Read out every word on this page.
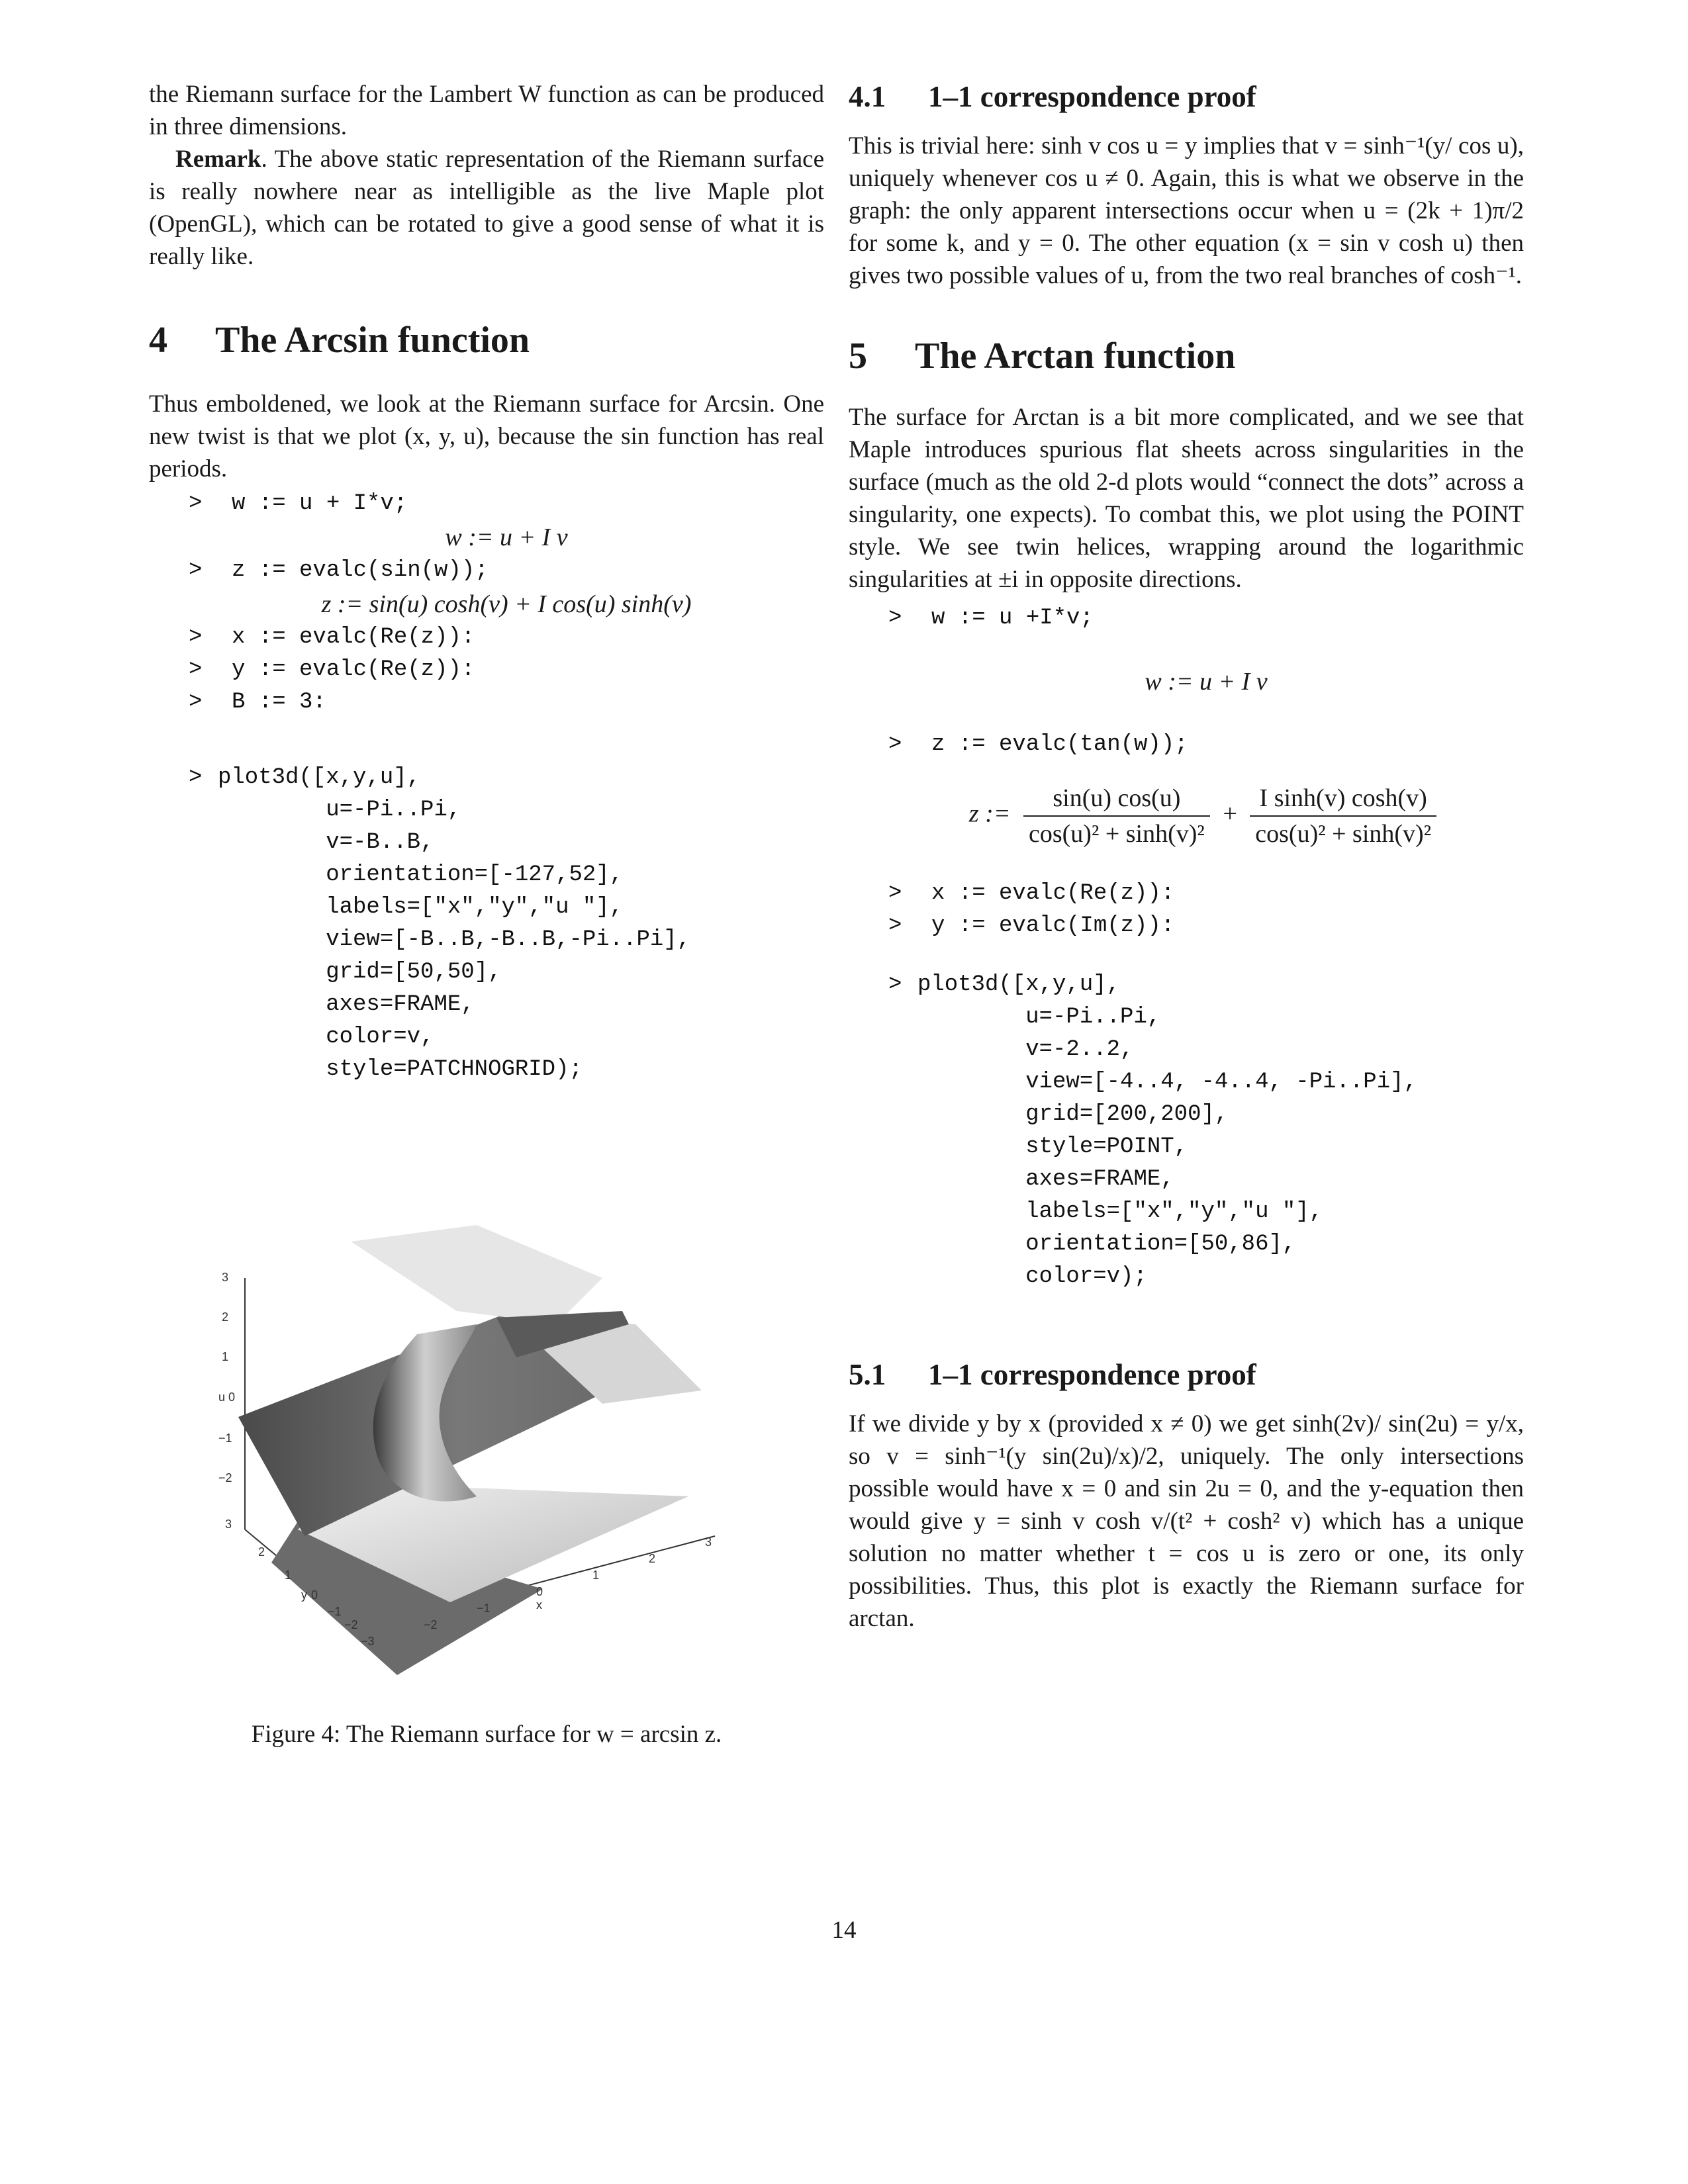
the Riemann surface for the Lambert W function as can be produced in three dimensions.

Remark. The above static representation of the Riemann surface is really nowhere near as intelligible as the live Maple plot (OpenGL), which can be rotated to give a good sense of what it is really like.

4 The Arcsin function

Thus emboldened, we look at the Riemann surface for Arcsin. One new twist is that we plot (x, y, u), because the sin function has real periods.

> w := u + I*v;
w := u + I v
> z := evalc(sin(w));
z := sin(u) cosh(v) + I cos(u) sinh(v)
> x := evalc(Re(z)):
> y := evalc(Re(z)):
> B := 3:
> plot3d([x,y,u],
u=-Pi..Pi,
v=-B..B,
orientation=[-127,52],
labels=["x","y","u "],
view=[-B..B,-B..B,-Pi..Pi],
grid=[50,50],
axes=FRAME,
color=v,
style=PATCHNOGRID);
3
2
1
u 0
−1
−2
3
2
1
y 0
−1
−2
−3
−2
−1
0
x
1
2
3
Figure 4: The Riemann surface for w = arcsin z.
4.1 1–1 correspondence proof

This is trivial here: sinh v cos u = y implies that v = sinh⁻¹(y/ cos u), uniquely whenever cos u ≠ 0. Again, this is what we observe in the graph: the only apparent intersections occur when u = (2k + 1)π/2 for some k, and y = 0. The other equation (x = sin v cosh u) then gives two possible values of u, from the two real branches of cosh⁻¹.

5 The Arctan function

The surface for Arctan is a bit more complicated, and we see that Maple introduces spurious flat sheets across singularities in the surface (much as the old 2-d plots would “connect the dots” across a singularity, one expects). To combat this, we plot using the POINT style. We see twin helices, wrapping around the logarithmic singularities at ±i in opposite directions.

> w := u +I*v;
w := u + I v
> z := evalc(tan(w));
z := $\frac{\sin(u) \cos(u)}{\text{cos(u)² + sinh(v)²}} + \frac{\text{I sinh(v) cosh(v)}}{\text{cos(u)² + sinh(v)²}}$
> x := evalc(Re(z)):
> y := evalc(Im(z)):
> plot3d([x,y,u],
u=-Pi..Pi,
v=-2..2,
view=[-4..4, -4..4, -Pi..Pi],
grid=[200,200],
style=POINT,
axes=FRAME,
labels=["x","y","u "],
orientation=[50,86],
color=v);
5.1 1–1 correspondence proof

If we divide y by x (provided x ≠ 0) we get sinh(2v)/ sin(2u) = y/x, so v = sinh⁻¹(y sin(2u)/x)/2, uniquely. The only intersections possible would have x = 0 and sin 2u = 0, and the y-equation then would give y = sinh v cosh v/(t² + cosh² v) which has a unique solution no matter whether t = cos u is zero or one, its only possibilities. Thus, this plot is exactly the Riemann surface for arctan.

14
